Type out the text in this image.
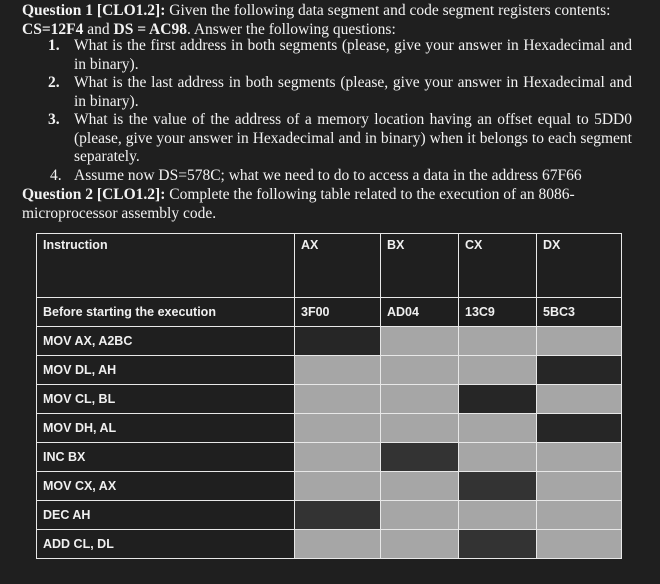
Question 1 [CLO1.2]: Given the following data segment and code segment registers contents:
CS=12F4 and DS = AC98. Answer the following questions:
1. What is the first address in both segments (please, give your answer in Hexadecimal and in binary).
2. What is the last address in both segments (please, give your answer in Hexadecimal and in binary).
3. What is the value of the address of a memory location having an offset equal to 5DD0 (please, give your answer in Hexadecimal and in binary) when it belongs to each segment separately.
4. Assume now DS=578C; what we need to do to access a data in the address 67F66
Question 2 [CLO1.2]: Complete the following table related to the execution of an 8086-microprocessor assembly code.
Instruction	AX	BX	CX	DX
Before starting the execution	3F00	AD04	13C9	5BC3
MOV AX, A2BC				
MOV DL, AH				
MOV CL, BL				
MOV DH, AL				
INC BX				
MOV CX, AX				
DEC AH				
ADD CL, DL				
